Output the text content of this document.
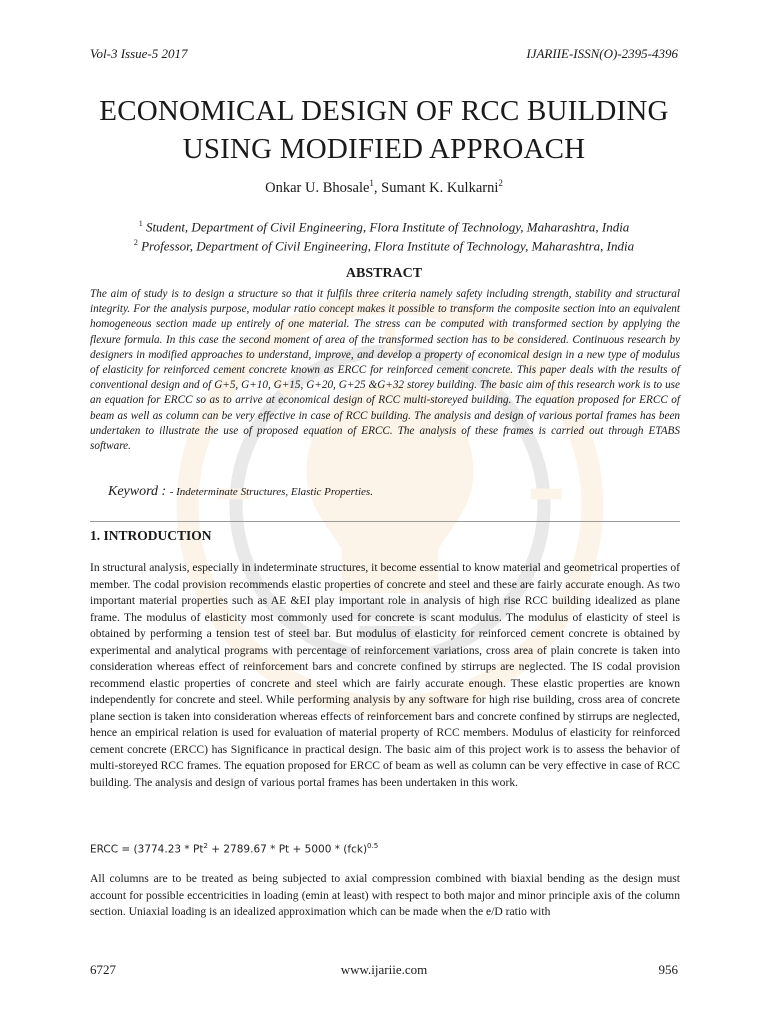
Vol-3 Issue-5 2017	IJARIIE-ISSN(O)-2395-4396
ECONOMICAL DESIGN OF RCC BUILDING
USING MODIFIED APPROACH
Onkar U. Bhosale$^1$, Sumant K. Kulkarni$^2$
$^1$ Student, Department of Civil Engineering, Flora Institute of Technology, Maharashtra, India
$^2$ Professor, Department of Civil Engineering, Flora Institute of Technology, Maharashtra, India
ABSTRACT
The aim of study is to design a structure so that it fulfils three criteria namely safety including strength, stability and structural integrity. For the analysis purpose, modular ratio concept makes it possible to transform the composite section into an equivalent homogeneous section made up entirely of one material. The stress can be computed with transformed section by applying the flexure formula. In this case the second moment of area of the transformed section has to be considered. Continuous research by designers in modified approaches to understand, improve, and develop a property of economical design in a new type of modulus of elasticity for reinforced cement concrete known as ERCC for reinforced cement concrete. This paper deals with the results of conventional design and of G+5, G+10, G+15, G+20, G+25 &G+32 storey building. The basic aim of this research work is to use an equation for ERCC so as to arrive at economical design of RCC multi-storeyed building. The equation proposed for ERCC of beam as well as column can be very effective in case of RCC building. The analysis and design of various portal frames has been undertaken to illustrate the use of proposed equation of ERCC. The analysis of these frames is carried out through ETABS software.
Keyword : - Indeterminate Structures, Elastic Properties.
1. INTRODUCTION
In structural analysis, especially in indeterminate structures, it become essential to know material and geometrical properties of member. The codal provision recommends elastic properties of concrete and steel and these are fairly accurate enough. As two important material properties such as AE &EI play important role in analysis of high rise RCC building idealized as plane frame. The modulus of elasticity most commonly used for concrete is scant modulus. The modulus of elasticity of steel is obtained by performing a tension test of steel bar. But modulus of elasticity for reinforced cement concrete is obtained by experimental and analytical programs with percentage of reinforcement variations, cross area of plain concrete is taken into consideration whereas effect of reinforcement bars and concrete confined by stirrups are neglected. The IS codal provision recommend elastic properties of concrete and steel which are fairly accurate enough. These elastic properties are known independently for concrete and steel. While performing analysis by any software for high rise building, cross area of concrete plane section is taken into consideration whereas effects of reinforcement bars and concrete confined by stirrups are neglected, hence an empirical relation is used for evaluation of material property of RCC members. Modulus of elasticity for reinforced cement concrete (ERCC) has Significance in practical design. The basic aim of this project work is to assess the behavior of multi-storeyed RCC frames. The equation proposed for ERCC of beam as well as column can be very effective in case of RCC building. The analysis and design of various portal frames has been undertaken in this work.
ERCC = ($3774.23 * Pt^2 + 2789.67 * Pt + 5000 * (fck)^{0.5}$
All columns are to be treated as being subjected to axial compression combined with biaxial bending as the design must account for possible eccentricities in loading (emin at least) with respect to both major and minor principle axis of the column section. Uniaxial loading is an idealized approximation which can be made when the e/D ratio with
6727	www.ijariie.com	956
